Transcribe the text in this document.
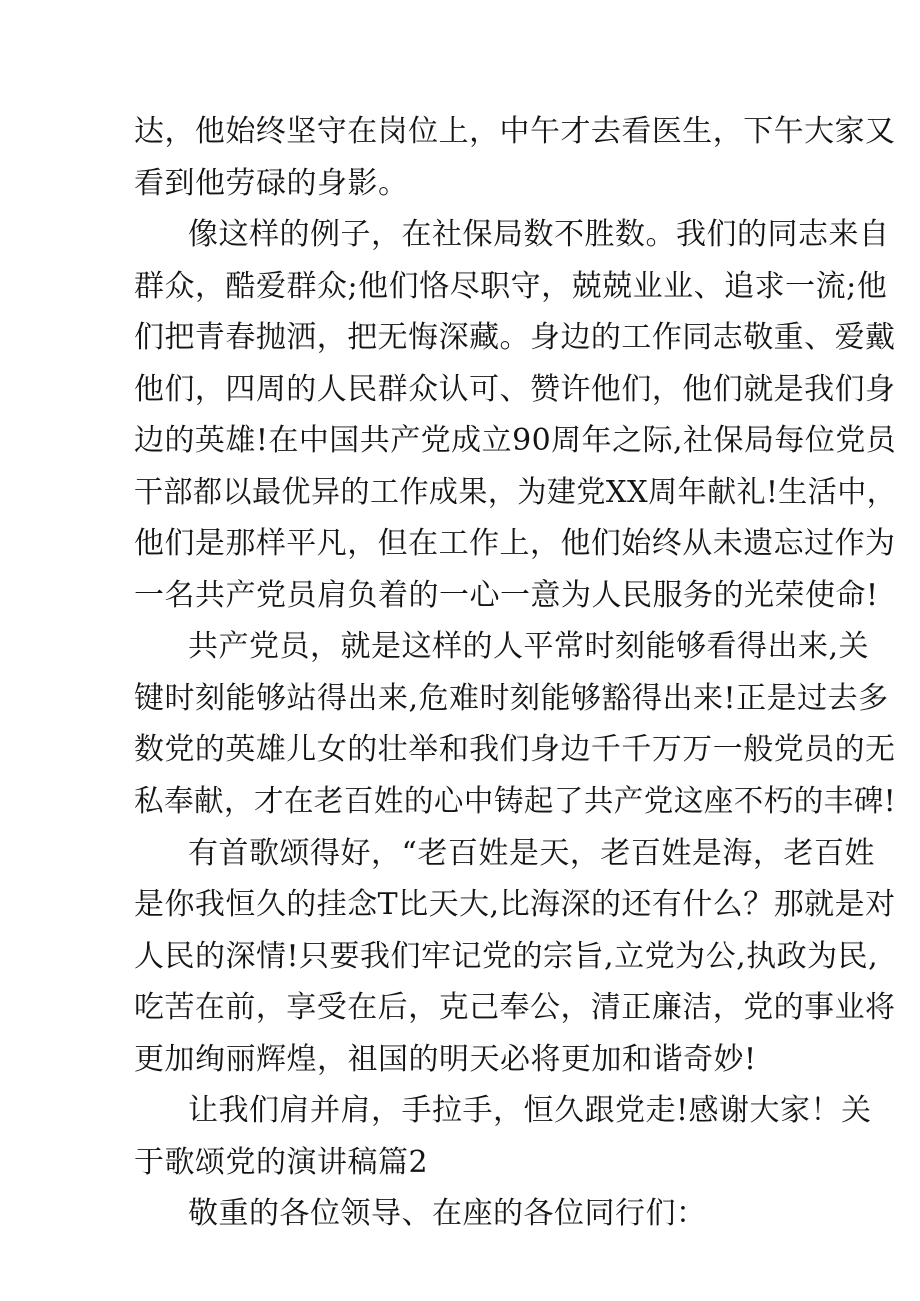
达，他始终坚守在岗位上，中午才去看医生，下午大家又
看到他劳碌的身影。
像这样的例子，在社保局数不胜数。我们的同志来自
群众，酷爱群众;他们恪尽职守，兢兢业业、追求一流;他
们把青春抛洒，把无悔深藏。身边的工作同志敬重、爱戴
他们，四周的人民群众认可、赞许他们，他们就是我们身
边的英雄!在中国共产党成立90周年之际,社保局每位党员
干部都以最优异的工作成果，为建党XX周年献礼!生活中，
他们是那样平凡，但在工作上，他们始终从未遗忘过作为
一名共产党员肩负着的一心一意为人民服务的光荣使命!
共产党员，就是这样的人平常时刻能够看得出来,关
键时刻能够站得出来,危难时刻能够豁得出来!正是过去多
数党的英雄儿女的壮举和我们身边千千万万一般党员的无
私奉献，才在老百姓的心中铸起了共产党这座不朽的丰碑!
有首歌颂得好，“老百姓是天，老百姓是海，老百姓
是你我恒久的挂念T比天大,比海深的还有什么？那就是对
人民的深情!只要我们牢记党的宗旨,立党为公,执政为民,
吃苦在前，享受在后，克己奉公，清正廉洁，党的事业将
更加绚丽辉煌，祖国的明天必将更加和谐奇妙!
让我们肩并肩，手拉手，恒久跟党走!感谢大家！关
于歌颂党的演讲稿篇2
敬重的各位领导、在座的各位同行们：
